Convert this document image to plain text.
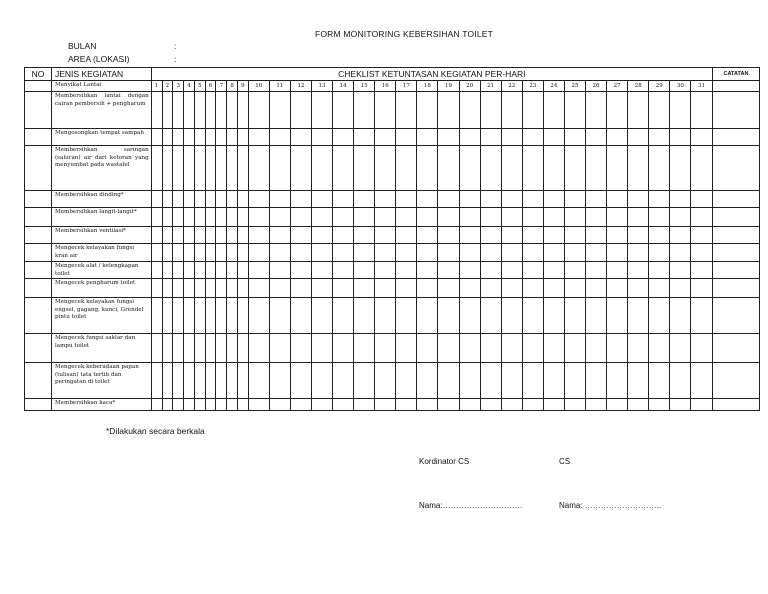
FORM MONITORING KEBERSIHAN TOILET
BULAN	:
AREA (LOKASI)	:
NO	JENIS KEGIATAN	CHEKLIST KETUNTASAN KEGIATAN PER-HARI																															CATATAN
	Menyikat Lantai	1	2	3	4	5	6	7	8	9	10	11	12	13	14	15	16	17	18	19	20	21	22	23	24	25	26	27	28	29	30	31	
	Membersihkan lantai dengan cairan pembersih + pengharum																																
	Mengosongkan tempat sampah																																
	Membersihkan saringan (saluran) air dari kotoran yang menyumbat pada wastafel																																
	Membersihkan dinding*																																
	Membersihkan langit-langit*																																
	Membersihkan ventilasi*																																
	Mengecek kelayakan fungsi kran air																																
	Mengecek alat / kelengkapan toilet																																
	Mengecek pengharum toilet																																
	Mengecek kelayakan fungsi engsel, gagang, kunci, Grendel pintu toilet																																
	Mengecek fungsi saklar dan lampu toilet																																
	Mengecek keberadaan papan (tulisan) tata tertib dan peringatan di toilet																																
	Membersihkan kaca*																																
*Dilakukan secara berkala
Kordinator CS	CS
Nama:…………………………	Nama: ………………………..
